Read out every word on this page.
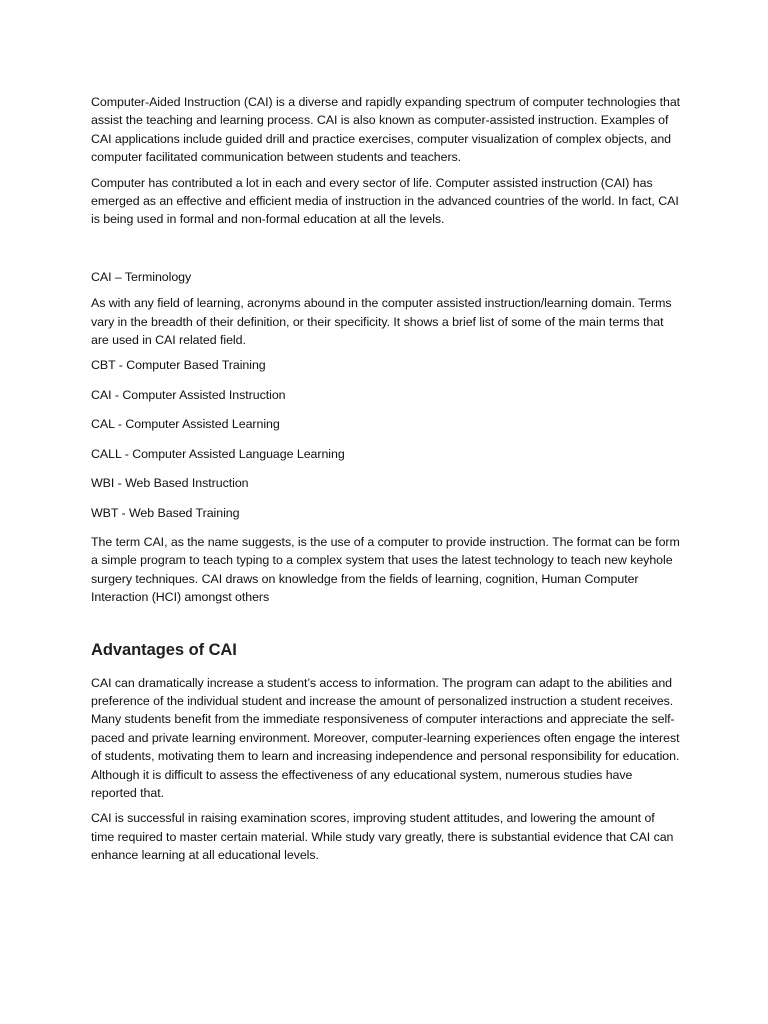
Computer-Aided Instruction (CAI) is a diverse and rapidly expanding spectrum of computer technologies that assist the teaching and learning process. CAI is also known as computer-assisted instruction. Examples of CAI applications include guided drill and practice exercises, computer visualization of complex objects, and computer facilitated communication between students and teachers.

Computer has contributed a lot in each and every sector of life. Computer assisted instruction (CAI) has emerged as an effective and efficient media of instruction in the advanced countries of the world. In fact, CAI is being used in formal and non-formal education at all the levels.

CAI – Terminology

As with any field of learning, acronyms abound in the computer assisted instruction/learning domain. Terms vary in the breadth of their definition, or their specificity. It shows a brief list of some of the main terms that are used in CAI related field.

CBT - Computer Based Training

CAI - Computer Assisted Instruction

CAL - Computer Assisted Learning

CALL - Computer Assisted Language Learning

WBI - Web Based Instruction

WBT - Web Based Training

The term CAI, as the name suggests, is the use of a computer to provide instruction. The format can be form a simple program to teach typing to a complex system that uses the latest technology to teach new keyhole surgery techniques. CAI draws on knowledge from the fields of learning, cognition, Human Computer Interaction (HCI) amongst others

Advantages of CAI

CAI can dramatically increase a student’s access to information. The program can adapt to the abilities and preference of the individual student and increase the amount of personalized instruction a student receives. Many students benefit from the immediate responsiveness of computer interactions and appreciate the self-paced and private learning environment. Moreover, computer-learning experiences often engage the interest of students, motivating them to learn and increasing independence and personal responsibility for education. Although it is difficult to assess the effectiveness of any educational system, numerous studies have reported that.

CAI is successful in raising examination scores, improving student attitudes, and lowering the amount of time required to master certain material. While study vary greatly, there is substantial evidence that CAI can enhance learning at all educational levels.
